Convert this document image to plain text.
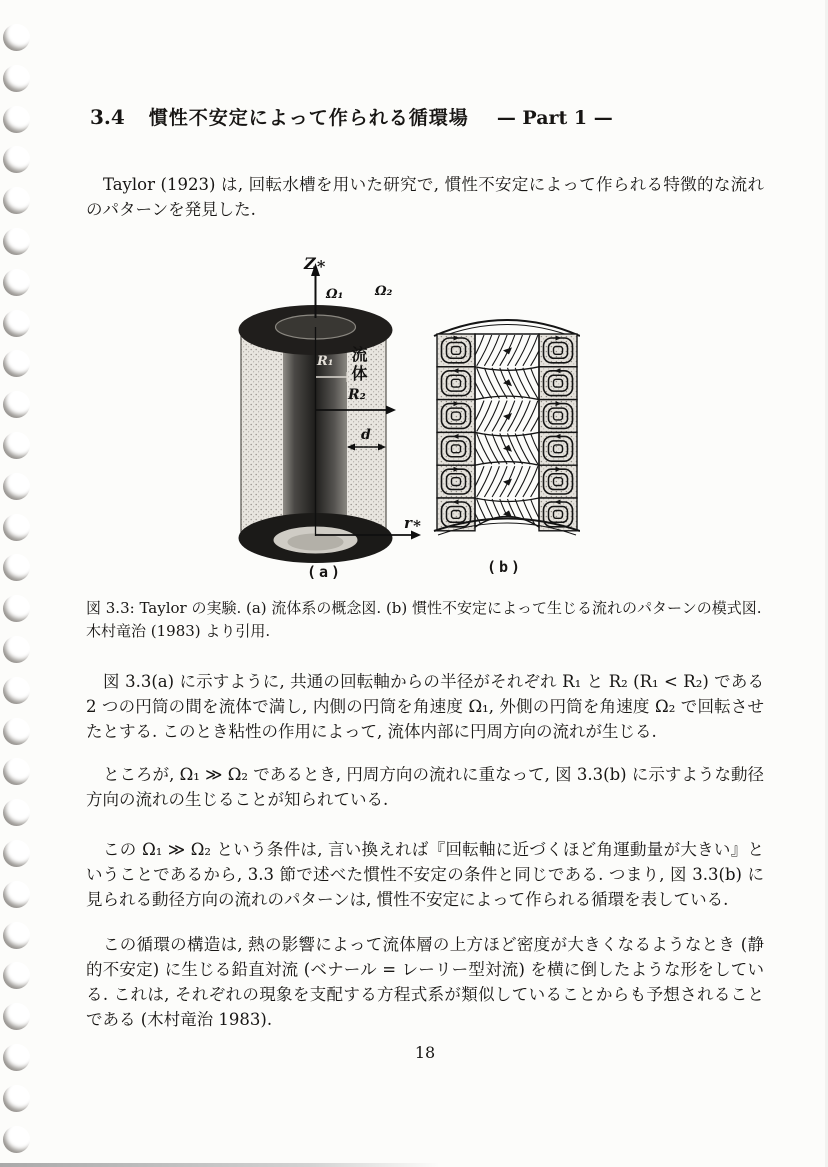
3.4 慣性不安定によって作られる循環場 — Part 1 —

Taylor (1923) は, 回転水槽を用いた研究で, 慣性不安定によって作られる特徴的な流れのパターンを発見した.

Z∗
Ω₁ Ω₂
流体
R₁
R₂
d
r∗
(a)	(b)

図 3.3: Taylor の実験. (a) 流体系の概念図. (b) 慣性不安定によって生じる流れのパターンの模式図. 木村竜治 (1983) より引用.

図 3.3(a) に示すように, 共通の回転軸からの半径がそれぞれ R₁ と R₂ (R₁ < R₂) である 2 つの円筒の間を流体で満し, 内側の円筒を角速度 Ω₁, 外側の円筒を角速度 Ω₂ で回転させたとする. このとき粘性の作用によって, 流体内部に円周方向の流れが生じる.

ところが, Ω₁ ≫ Ω₂ であるとき, 円周方向の流れに重なって, 図 3.3(b) に示すような動径方向の流れの生じることが知られている.

この Ω₁ ≫ Ω₂ という条件は, 言い換えれば『回転軸に近づくほど角運動量が大きい』ということであるから, 3.3 節で述べた慣性不安定の条件と同じである. つまり, 図 3.3(b) に見られる動径方向の流れのパターンは, 慣性不安定によって作られる循環を表している.

この循環の構造は, 熱の影響によって流体層の上方ほど密度が大きくなるようなとき (静的不安定) に生じる鉛直対流 (ベナール = レーリー型対流) を横に倒したような形をしている. これは, それぞれの現象を支配する方程式系が類似していることからも予想されることである (木村竜治 1983).

18
